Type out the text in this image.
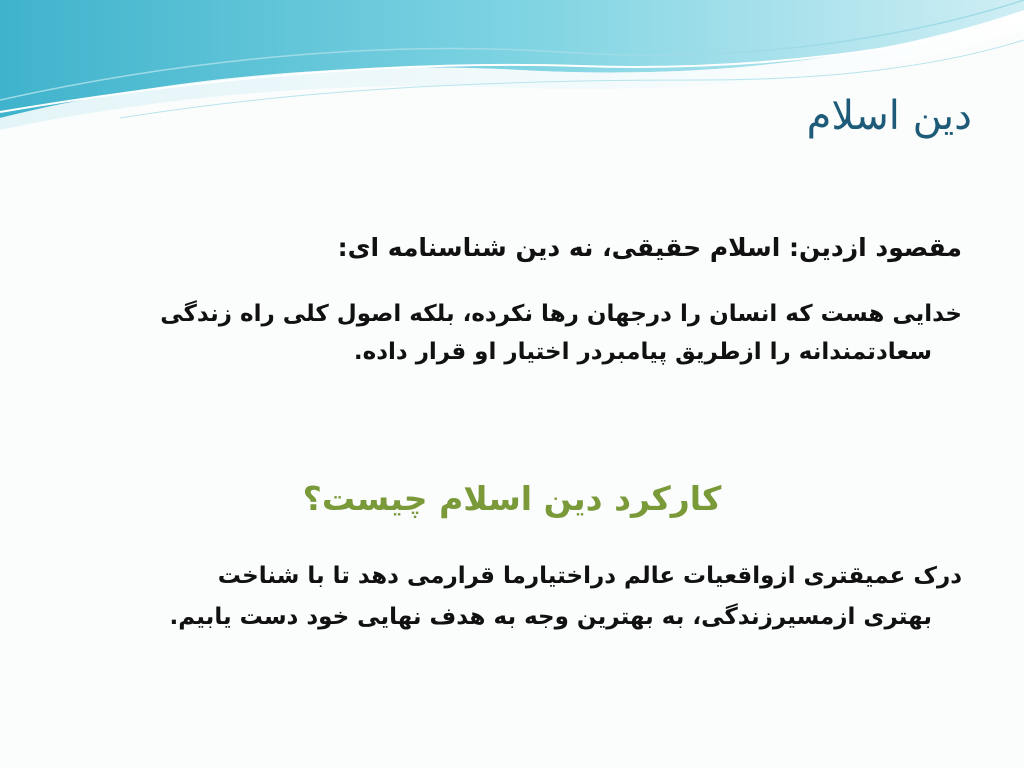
دین اسلام

مقصود ازدین: اسلام حقیقی، نه دین شناسنامه ای:

خدایی هست که انسان را درجهان رها نکرده، بلکه اصول کلی راه زندگی
سعادتمندانه را ازطریق پیامبردر اختیار او قرار داده.

کارکرد دین اسلام چیست؟

درک عمیقتری ازواقعیات عالم دراختیارما قرارمی دهد تا با شناخت
بهتری ازمسیرزندگی، به بهترین وجه به هدف نهایی خود دست یابیم.
